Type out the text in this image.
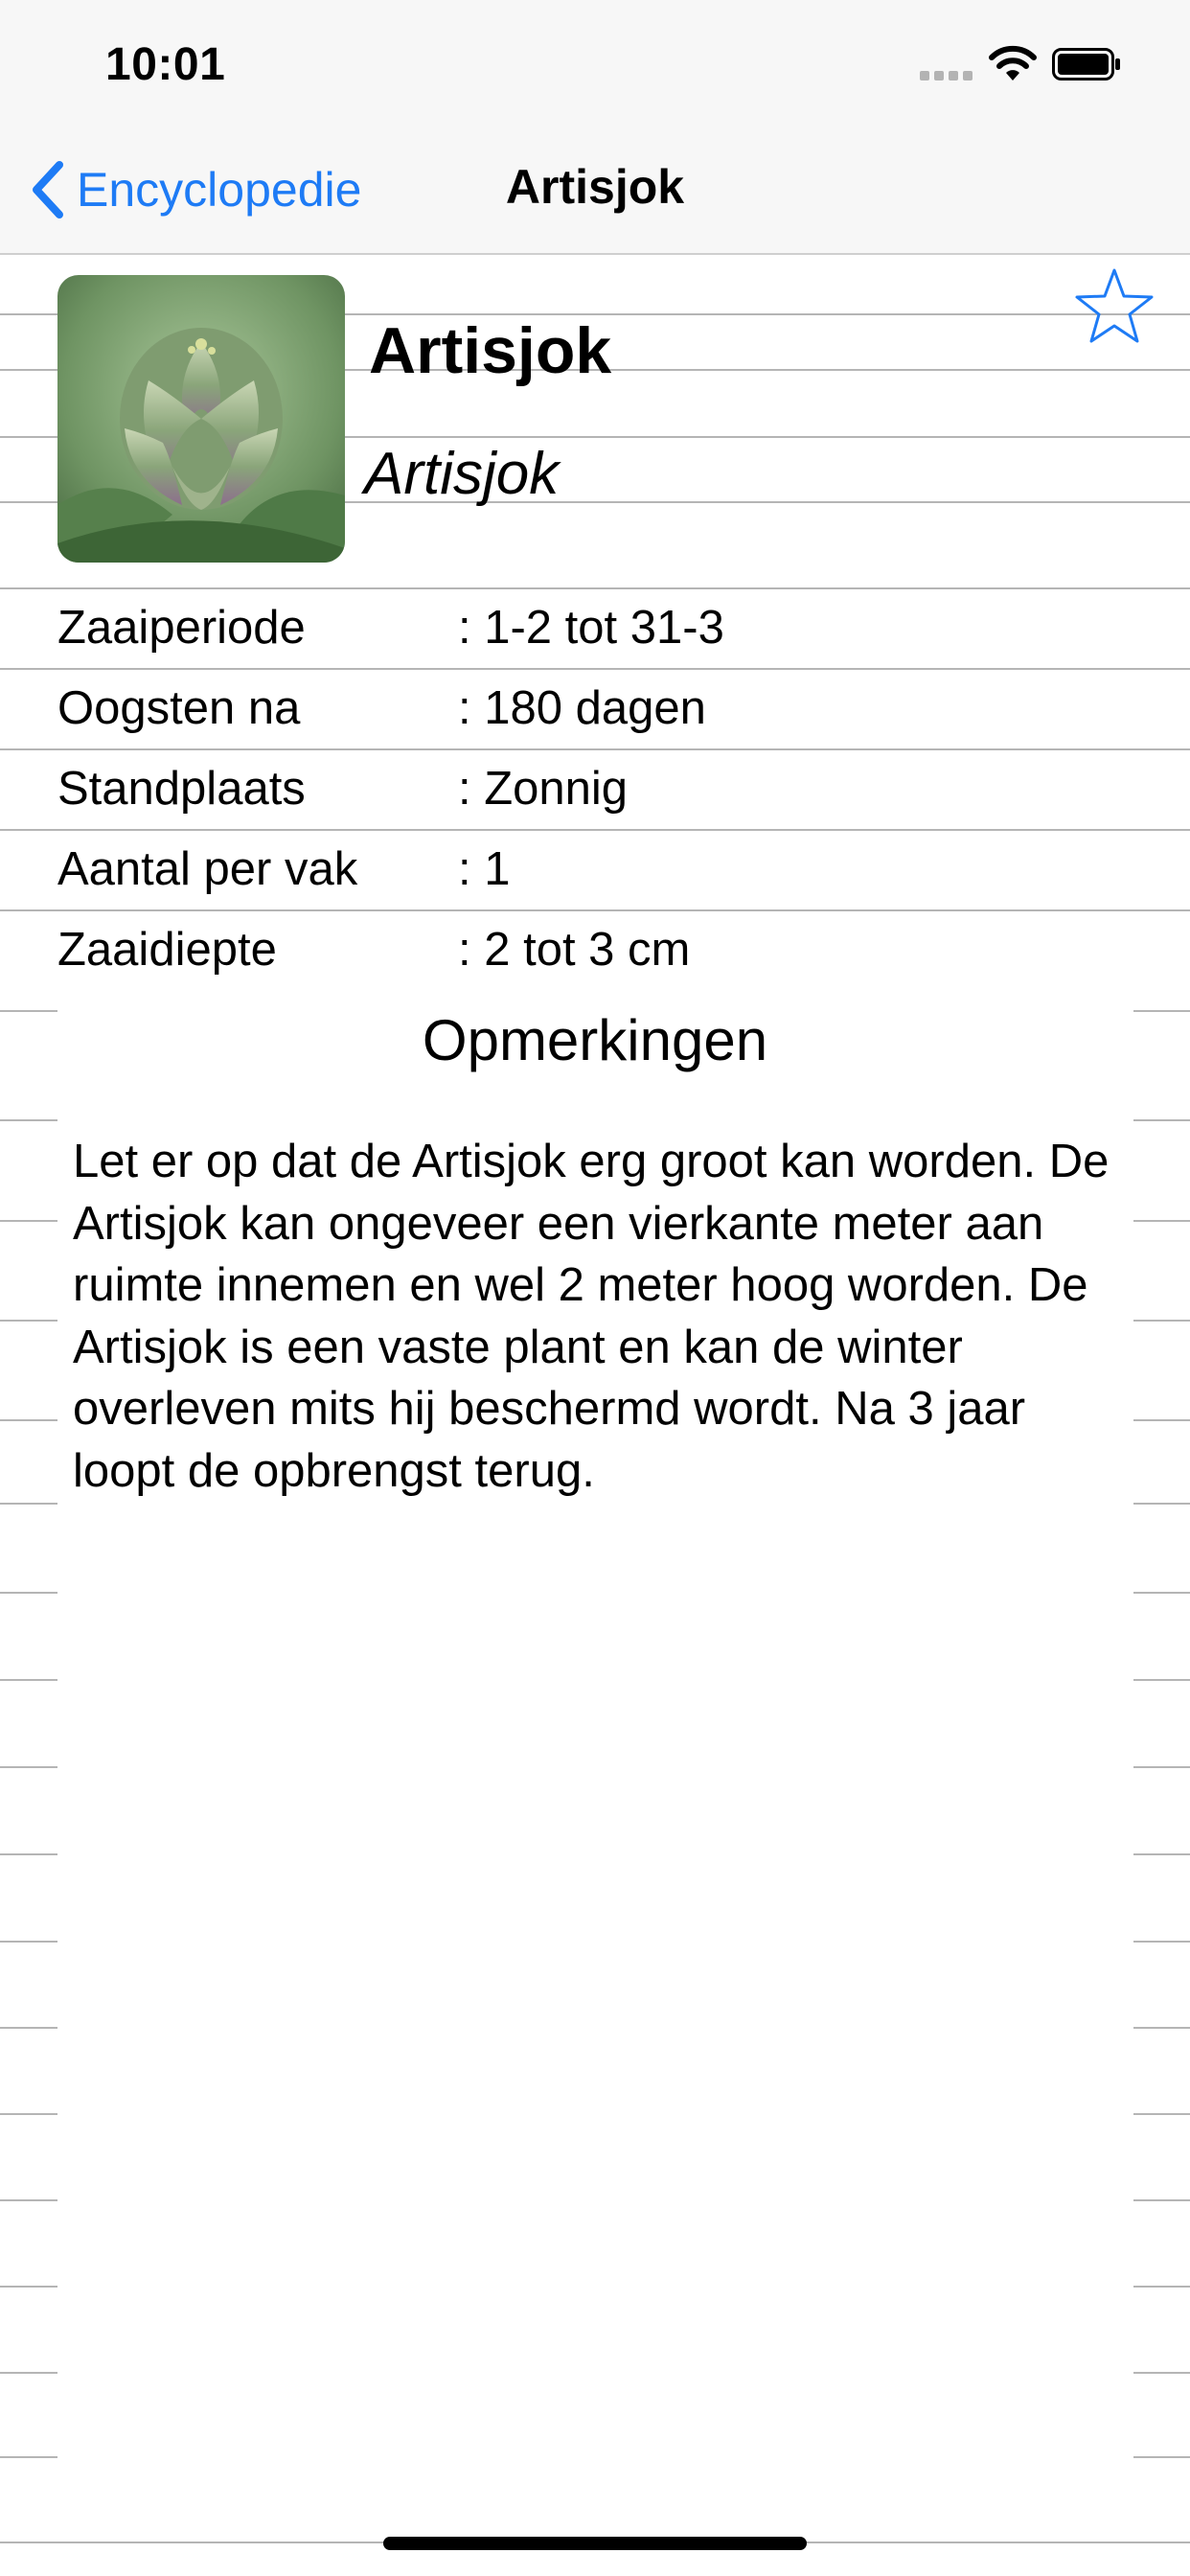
10:01
Encyclopedie	Artisjok
Artisjok
Artisjok
Zaaiperiode	: 1-2 tot 31-3
Oogsten na	: 180 dagen
Standplaats	: Zonnig
Aantal per vak : 1
Zaaidiepte	: 2 tot 3 cm
Opmerkingen
Let er op dat de Artisjok erg groot kan worden. De Artisjok kan ongeveer een vierkante meter aan ruimte innemen en wel 2 meter hoog worden. De Artisjok is een vaste plant en kan de winter overleven mits hij beschermd wordt. Na 3 jaar loopt de opbrengst terug.
